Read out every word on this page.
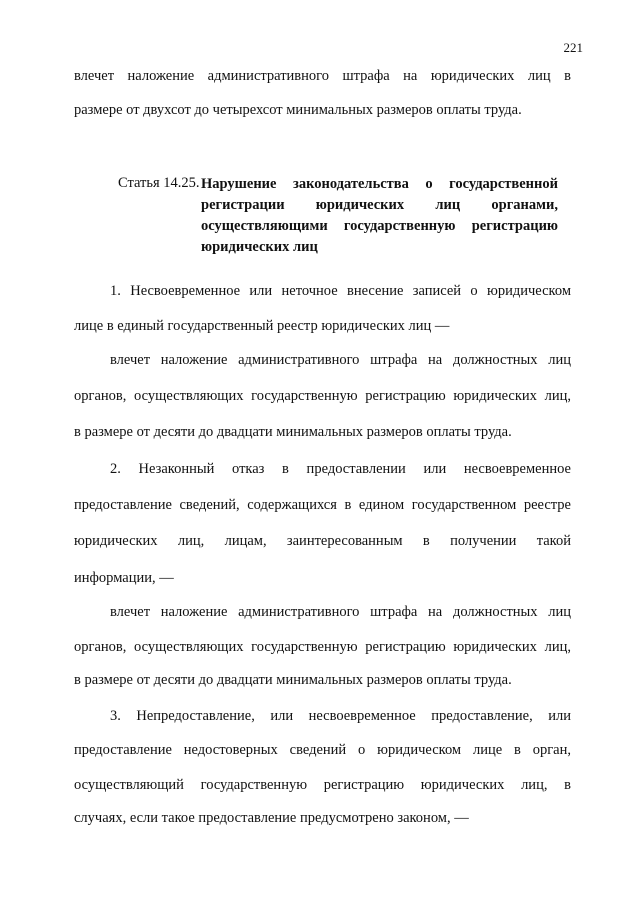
221
влечет наложение административного штрафа на юридических лиц в
размере от двухсот до четырехсот минимальных размеров оплаты труда.
Статья 14.25. Нарушение законодательства о государственной
регистрации юридических лиц органами,
осуществляющими государственную регистрацию
юридических лиц
1. Несвоевременное или неточное внесение записей о юридическом
лице в единый государственный реестр юридических лиц —
влечет наложение административного штрафа на должностных лиц
органов, осуществляющих государственную регистрацию юридических лиц,
в размере от десяти до двадцати минимальных размеров оплаты труда.
2. Незаконный отказ в предоставлении или несвоевременное
предоставление сведений, содержащихся в едином государственном реестре
юридических лиц, лицам, заинтересованным в получении такой
информации, —
влечет наложение административного штрафа на должностных лиц
органов, осуществляющих государственную регистрацию юридических лиц,
в размере от десяти до двадцати минимальных размеров оплаты труда.
3. Непредоставление, или несвоевременное предоставление, или
предоставление недостоверных сведений о юридическом лице в орган,
осуществляющий государственную регистрацию юридических лиц, в
случаях, если такое предоставление предусмотрено законом, —
